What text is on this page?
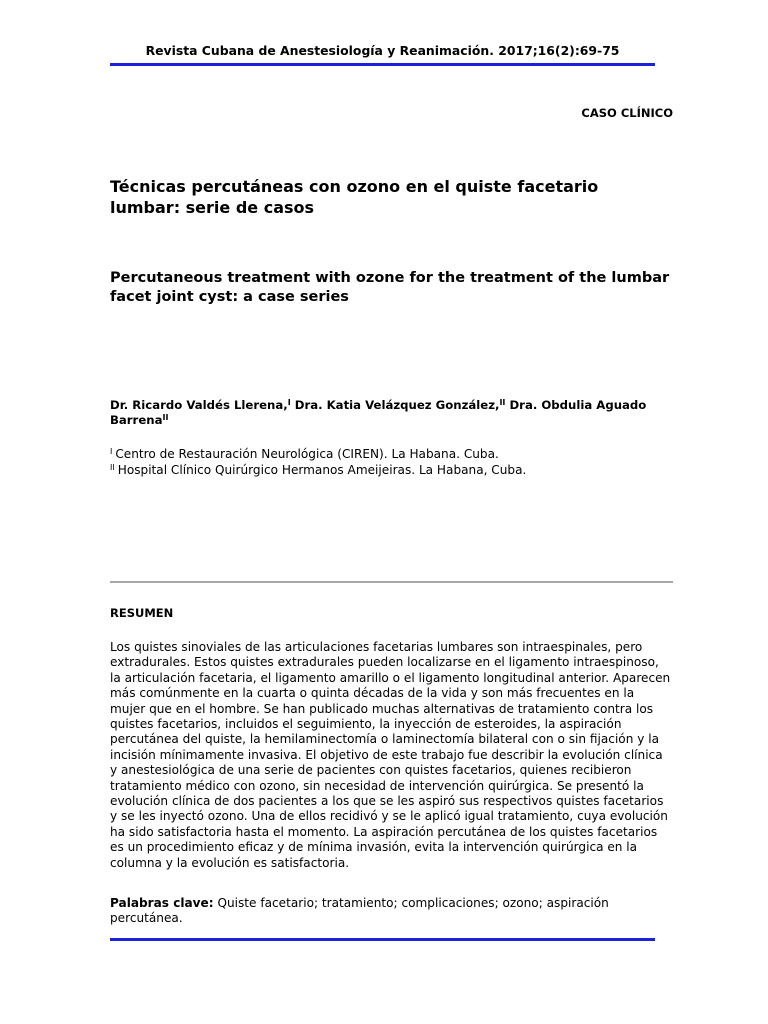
Revista Cubana de Anestesiología y Reanimación. 2017;16(2):69-75
CASO CLÍNICO
Técnicas percutáneas con ozono en el quiste facetario lumbar: serie de casos
Percutaneous treatment with ozone for the treatment of the lumbar facet joint cyst: a case series
Dr. Ricardo Valdés Llerena,$^I$ Dra. Katia Velázquez González,$^{II}$ Dra. Obdulia Aguado Barrena$^{II}$
$^I$ Centro de Restauración Neurológica (CIREN). La Habana. Cuba.
$^{II}$ Hospital Clínico Quirúrgico Hermanos Ameijeiras. La Habana, Cuba.
RESUMEN
Los quistes sinoviales de las articulaciones facetarias lumbares son intraespinales, pero extradurales. Estos quistes extradurales pueden localizarse en el ligamento intraespinoso, la articulación facetaria, el ligamento amarillo o el ligamento longitudinal anterior. Aparecen más comúnmente en la cuarta o quinta décadas de la vida y son más frecuentes en la mujer que en el hombre. Se han publicado muchas alternativas de tratamiento contra los quistes facetarios, incluidos el seguimiento, la inyección de esteroides, la aspiración percutánea del quiste, la hemilaminectomía o laminectomía bilateral con o sin fijación y la incisión mínimamente invasiva. El objetivo de este trabajo fue describir la evolución clínica y anestesiológica de una serie de pacientes con quistes facetarios, quienes recibieron tratamiento médico con ozono, sin necesidad de intervención quirúrgica. Se presentó la evolución clínica de dos pacientes a los que se les aspiró sus respectivos quistes facetarios y se les inyectó ozono. Una de ellos recidivó y se le aplicó igual tratamiento, cuya evolución ha sido satisfactoria hasta el momento. La aspiración percutánea de los quistes facetarios es un procedimiento eficaz y de mínima invasión, evita la intervención quirúrgica en la columna y la evolución es satisfactoria.
Palabras clave: Quiste facetario; tratamiento; complicaciones; ozono; aspiración percutánea.
